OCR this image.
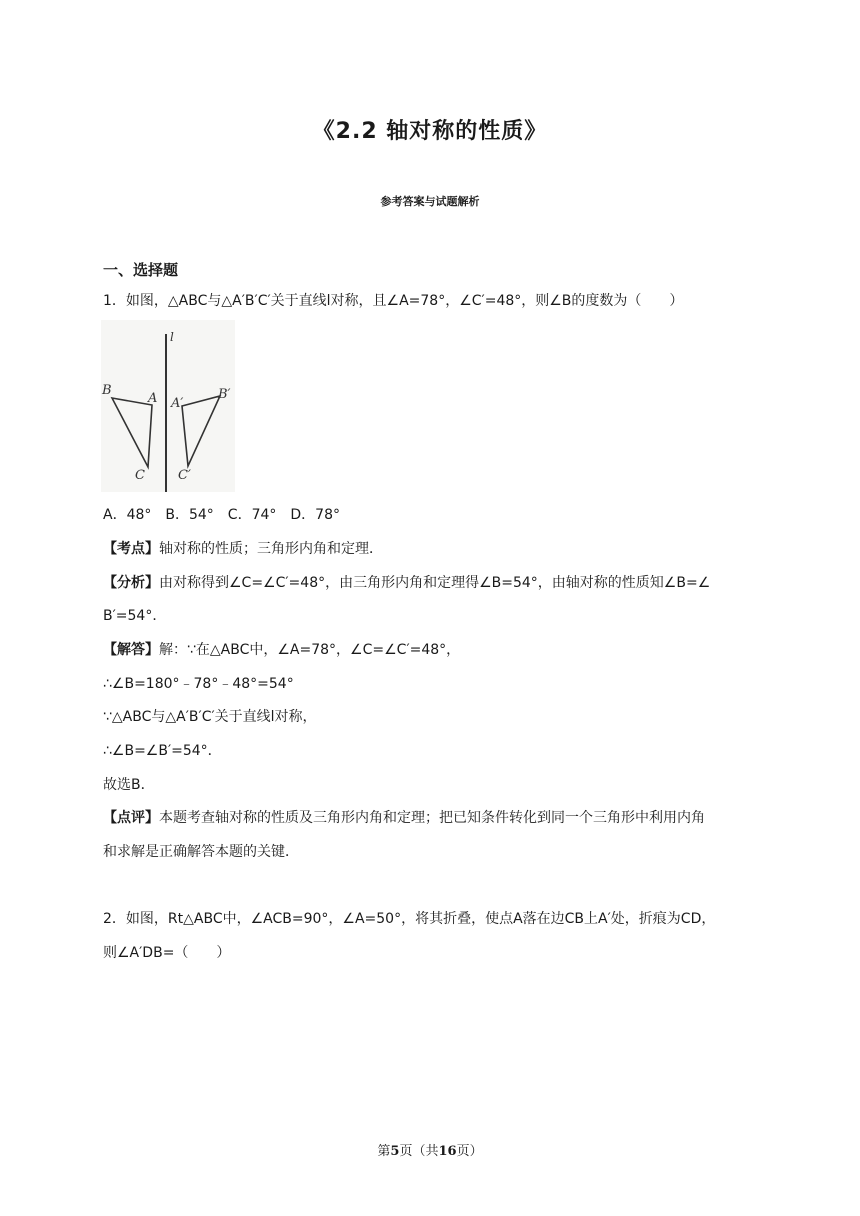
《2.2 轴对称的性质》
参考答案与试题解析
一、选择题
1．如图，△ABC与△A′B′C′关于直线l对称，且∠A=78°，∠C′=48°，则∠B的度数为（　　）
l
B
A
C
A′
B′
C′
A．48°　B．54°　C．74°　D．78°
【考点】轴对称的性质；三角形内角和定理．
【分析】由对称得到∠C=∠C′=48°，由三角形内角和定理得∠B=54°，由轴对称的性质知∠B=∠
B′=54°．
【解答】解：∵在△ABC中，∠A=78°，∠C=∠C′=48°，
∴∠B=180°﹣78°﹣48°=54°
∵△ABC与△A′B′C′关于直线l对称，
∴∠B=∠B′=54°．
故选B．
【点评】本题考查轴对称的性质及三角形内角和定理；把已知条件转化到同一个三角形中利用内角
和求解是正确解答本题的关键．
2．如图，Rt△ABC中，∠ACB=90°，∠A=50°，将其折叠，使点A落在边CB上A′处，折痕为CD，
则∠A′DB=（　　）
第5页（共16页）
